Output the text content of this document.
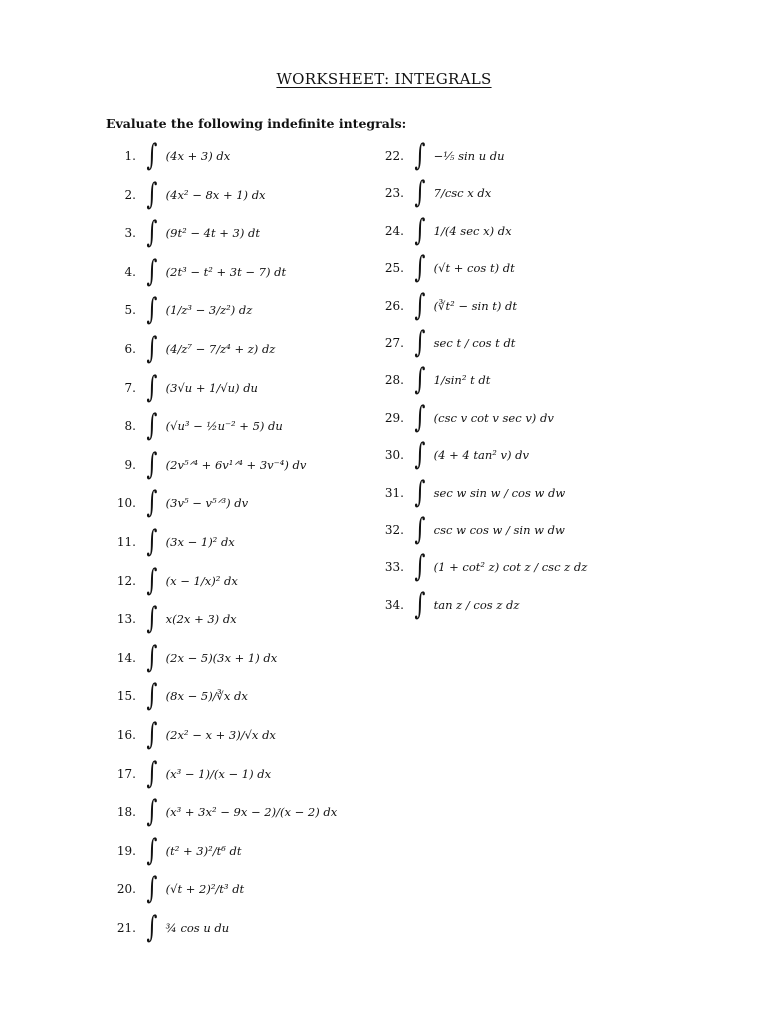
WORKSHEET: INTEGRALS
Evaluate the following indefinite integrals:
1. ∫ (4x + 3) dx
2. ∫ (4x² − 8x + 1) dx
3. ∫ (9t² − 4t + 3) dt
4. ∫ (2t³ − t² + 3t − 7) dt
5. ∫ (1/z³ − 3/z²) dz
6. ∫ (4/z⁷ − 7/z⁴ + z) dz
7. ∫ (3√u + 1/√u) du
8. ∫ (√u³ − ½u⁻² + 5) du
9. ∫ (2v⁵ᐟ⁴ + 6v¹ᐟ⁴ + 3v⁻⁴) dv
10. ∫ (3v⁵ − v⁵ᐟ³) dv
11. ∫ (3x − 1)² dx
12. ∫ (x − 1/x)² dx
13. ∫ x(2x + 3) dx
14. ∫ (2x − 5)(3x + 1) dx
15. ∫ (8x − 5)/∛x dx
16. ∫ (2x² − x + 3)/√x dx
17. ∫ (x³ − 1)/(x − 1) dx
18. ∫ (x³ + 3x² − 9x − 2)/(x − 2) dx
19. ∫ (t² + 3)²/t⁶ dt
20. ∫ (√t + 2)²/t³ dt
21. ∫ ¾ cos u du
22. ∫ −⅕ sin u du
23. ∫ 7/csc x dx
24. ∫ 1/(4 sec x) dx
25. ∫ (√t + cos t) dt
26. ∫ (∛t² − sin t) dt
27. ∫ sec t / cos t dt
28. ∫ 1/sin² t dt
29. ∫ (csc v cot v sec v) dv
30. ∫ (4 + 4 tan² v) dv
31. ∫ sec w sin w / cos w dw
32. ∫ csc w cos w / sin w dw
33. ∫ (1 + cot² z) cot z / csc z dz
34. ∫ tan z / cos z dz
